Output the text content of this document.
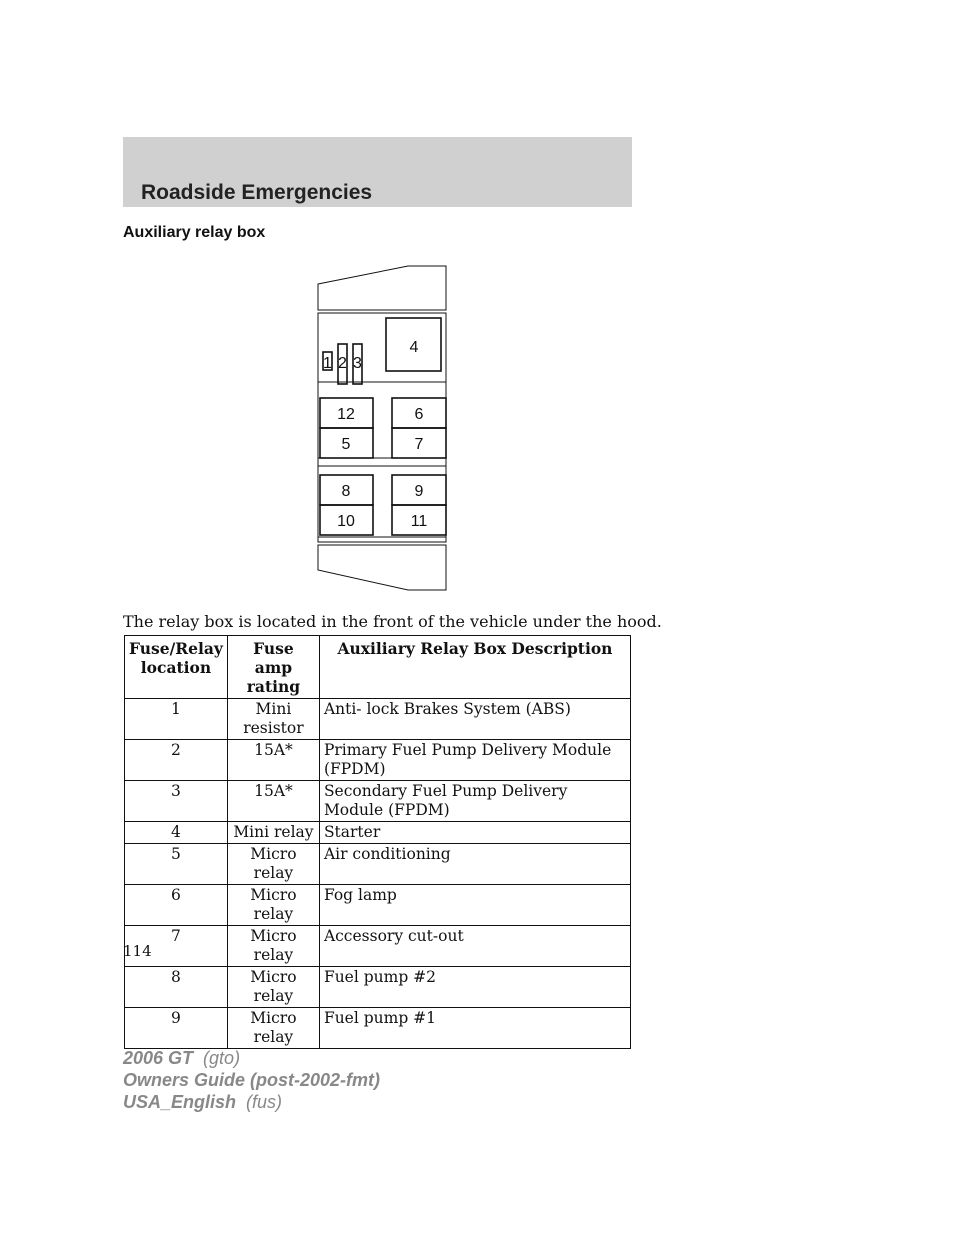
Roadside Emergencies
Auxiliary relay box
1 2 3
4
12	6
5	7
8	9
10	11
The relay box is located in the front of the vehicle under the hood.
Fuse/Relay location	Fuse amp rating	Auxiliary Relay Box Description
1	Mini resistor	Anti- lock Brakes System (ABS)
2	15A*	Primary Fuel Pump Delivery Module (FPDM)
3	15A*	Secondary Fuel Pump Delivery Module (FPDM)
4	Mini relay	Starter
5	Micro relay	Air conditioning
6	Micro relay	Fog lamp
7	Micro relay	Accessory cut-out
8	Micro relay	Fuel pump #2
9	Micro relay	Fuel pump #1
114
2006 GT (gto)
Owners Guide (post-2002-fmt)
USA_English (fus)
